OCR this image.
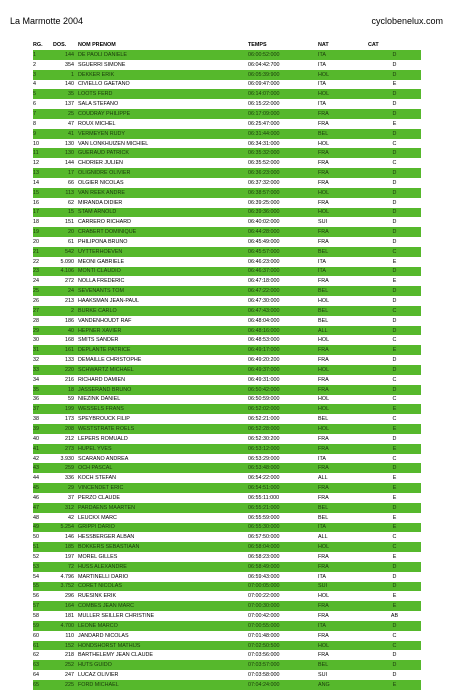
La Marmotte 2004	cyclobenelux.com
RG.	DOS.	NOM PRENOM	TEMPS	NAT	CAT
1	144	DE PAOLI DANIELE	06:00:52:000	ITA	D
2	354	SGUERRI SIMONE	06:04:42:700	ITA	D
3	1	DEKKER ERIK	06:05:39:900	HOL	D
4	140	CIVIELLO GAETANO	06:09:47:000	ITA	E
5	35	LOOTS FERD	06:14:07:000	HOL	D
6	137	SALA STEFANO	06:15:22:000	ITA	D
7	25	COUDRAY PHILIPPE	06:17:09:000	FRA	D
8	47	ROUX MICHEL	06:25:47:000	FRA	E
9	41	VERMEYEN RUDY	06:31:44:000	BEL	D
10	130	VAN LONKHUIZEN MICHIEL	06:34:31:000	HOL	C
11	130	GUERAUD PATRICK	06:35:32:000	FRA	D
12	144	CHORIER JULIEN	06:35:52:000	FRA	C
13	17	OLIGNIDRE OLIVIER	06:36:23:000	FRA	D
14	66	OLGIER NICOLAS	06:37:32:000	FRA	D
15	113	VAN REEK ANDRE	06:38:57:000	HOL	D
16	62	MIRANDA DIDIER	06:39:25:000	FRA	D
17	15	STAM ARNOLD	06:39:36:000	HOL	D
18	151	CARRERO RICHARD	06:40:02:000	SUI	D
19	20	CRABERT DOMINIQUE	06:44:28:000	FRA	D
20	61	PHILIPONA BRUNO	06:45:49:000	FRA	D
21	542	UYTTERHOEVEN	06:45:57:000	BEL	C
22	5.090	MEONI GABRIELE	06:46:23:000	ITA	E
23	4.106	MONTI CLAUDIO	06:46:37:000	ITA	D
24	272	NOLLA FREDERIC	06:47:18:000	FRA	E
25	24	SEVENANTS TOM	06:47:22:000	BEL	D
26	213	HAAKSMAN JEAN-PAUL	06:47:30:000	HOL	D
27	2	BURKE CARLO	06:47:43:000	BEL	C
28	186	VANDENHOUDT RAF	06:48:04:000	BEL	D
29	40	HEPNER XAVIER	06:48:16:000	ALL	D
30	168	SMITS SANDER	06:48:53:000	HOL	C
31	161	DEPLANTE PATRICE	06:49:17:000	FRA	E
32	133	DEMAILLE CHRISTOPHE	06:49:20:200	FRA	D
33	220	SCHWARTZ MICHAEL	06:49:37:000	HOL	D
34	216	RICHARD DAMIEN	06:49:31:000	FRA	C
35	18	JASSERAND BRUNO	06:50:42:000	FRA	D
36	59	NIEZINK DANIEL	06:50:59:000	HOL	C
37	199	WESSELS FRANS	06:52:02:000	HOL	E
38	173	SPEYBROUCK FILIP	06:52:21:000	BEL	C
39	208	WESTSTRATE ROELS	06:52:28:000	HOL	E
40	212	LEPERS ROMUALD	06:52:30:200	FRA	D
41	273	HUPEL YVES	06:53:12:000	FRA	E
42	3.930	SCARANO ANDREA	06:53:29:000	ITA	C
43	259	OCH PASCAL	06:53:48:000	FRA	D
44	336	KOCH STEFAN	06:54:22:000	ALL	E
45	29	VINCENDET ERIC	06:54:51:000	FRA	E
46	37	PERZO CLAUDE	06:55:11:000	FRA	E
47	312	PARDAENS MAARTEN	06:55:21:000	BEL	D
48	42	LEUCKX MARC	06:55:59:000	BEL	E
49	5.254	GRIPPI DARIO	06:55:30:000	ITA	E
50	146	HESSBERGER ALBAN	06:57:50:000	ALL	C
51	185	BOKKERS SEBASTIAAN	06:58:04:000	HOL	C
52	197	MOREL GILLES	06:58:23:000	FRA	E
53	72	HUSS ALEXANDRE	06:58:49:000	FRA	D
54	4.796	MARTINELLI DARIO	06:59:43:000	ITA	D
55	3.752	CORET NICOLAS	07:00:05:000	SUI	D
56	296	RUESINK ERIK	07:00:22:000	HOL	E
57	164	COMBES JEAN MARC	07:00:30:000	FRA	E
58	181	MULLER SEILLER CHRISTINE	07:00:42:000	FRA	AB
59	4.700	LEONE MARCO	07:00:55:000	ITA	D
60	110	JANDARD NICOLAS	07:01:48:000	FRA	C
61	152	HONDSHORST MATHIJS	07:02:50:500	HOL	C
62	218	BARTHELEMY JEAN CLAUDE	07:03:56:000	FRA	D
63	252	HUTS GUIDO	07:03:57:000	BEL	D
64	247	LUCAZ OLIVIER	07:03:58:000	SUI	D
65	225	FORD MICHAEL	07:04:24:000	ANG	E
